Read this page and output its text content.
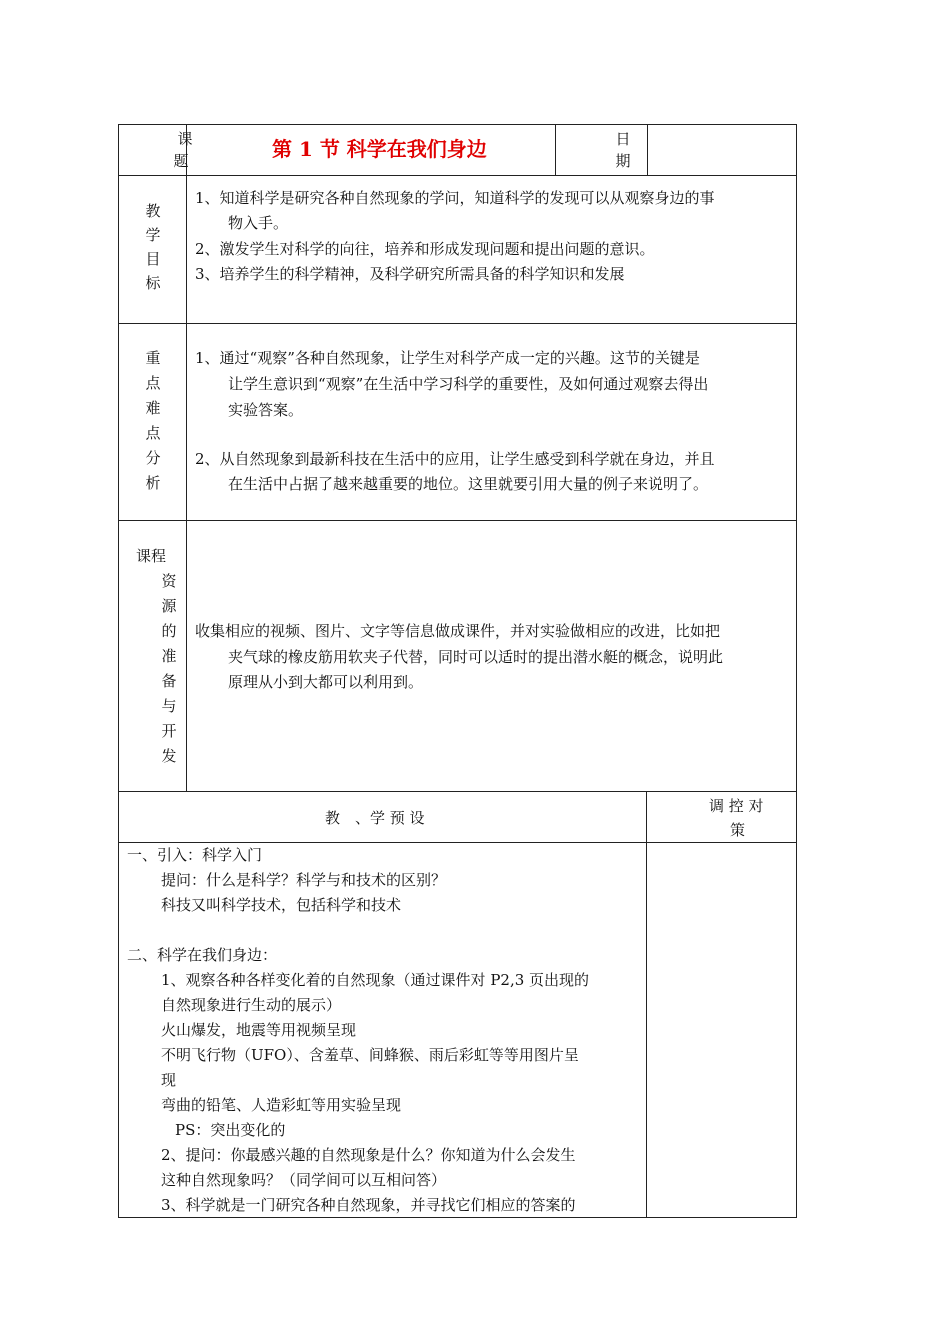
课
题	第 1 节 科学在我们身边	日
期
教
学
目
标
1、知道科学是研究各种自然现象的学问，知道科学的发现可以从观察身边的事
物入手。
2、激发学生对科学的向往，培养和形成发现问题和提出问题的意识。
3、培养学生的科学精神，及科学研究所需具备的科学知识和发展
重
点
难
点
分
析
1、通过“观察”各种自然现象，让学生对科学产成一定的兴趣。这节的关键是
让学生意识到“观察”在生活中学习科学的重要性，及如何通过观察去得出
实验答案。
2、从自然现象到最新科技在生活中的应用，让学生感受到科学就在身边，并且
在生活中占据了越来越重要的地位。这里就要引用大量的例子来说明了。
课程
资
源
的
准
备
与
开
发
收集相应的视频、图片、文字等信息做成课件，并对实验做相应的改进，比如把
夹气球的橡皮筋用软夹子代替，同时可以适时的提出潜水艇的概念，说明此
原理从小到大都可以利用到。
教　、学 预 设
调 控 对
策
一、引入：科学入门
提问：什么是科学？科学与和技术的区别？
科技又叫科学技术，包括科学和技术
二、科学在我们身边：
1、观察各种各样变化着的自然现象（通过课件对 P2,3 页出现的
自然现象进行生动的展示）
火山爆发，地震等用视频呈现
不明飞行物（UFO）、含羞草、间蜂猴、雨后彩虹等等用图片呈
现
弯曲的铅笔、人造彩虹等用实验呈现
PS：突出变化的
2、提问：你最感兴趣的自然现象是什么？你知道为什么会发生
这种自然现象吗？（同学间可以互相问答）
3、科学就是一门研究各种自然现象，并寻找它们相应的答案的
